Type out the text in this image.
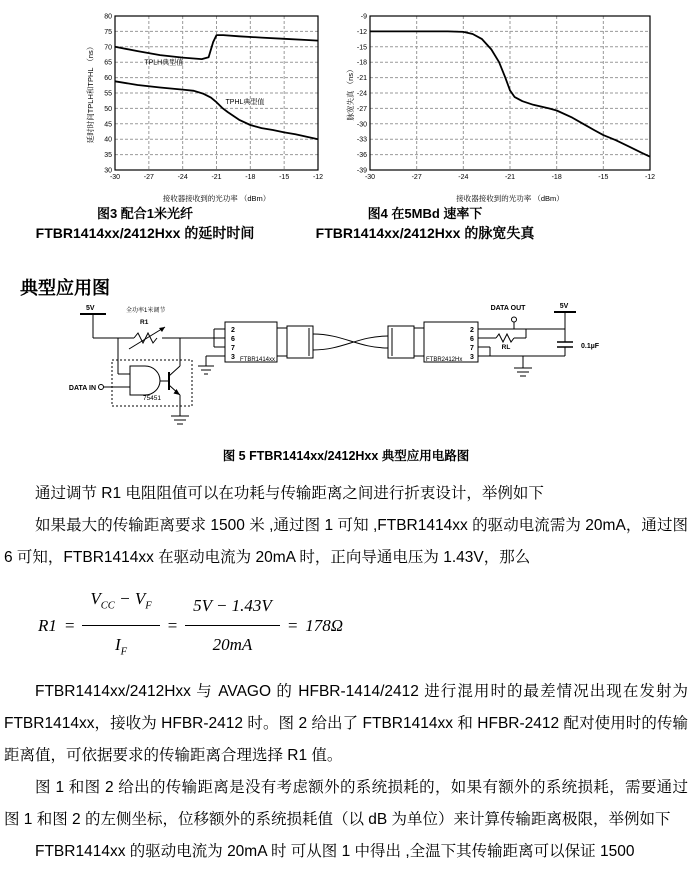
30
35
40
45
50
55
60
65
70
75
80
-30	-27	-24	-21	-18	-15	-12
TPLH典型值
TPHL典型值
接收器接收到的光功率 （dBm）
延时时间TPLH和TPHL （ns）
图3 配合1米光纤
FTBR1414xx/2412Hxx 的延时时间
-39
-36
-33
-30
-27
-24
-21
-18
-15
-12
-9
-30	-27	-24	-21	-18	-15	-12
接收器接收到的光功率 （dBm）
脉宽失真 （ns）
图4 在5MBd 速率下
FTBR1414xx/2412Hxx 的脉宽失真
典型应用图
5V	全功率1米调节
R1
DATA IN
75451
2
6
7
3 FTBR1414xx
2
6
7
3
FTBR2412Hx
DATA OUT
RL
5V
0.1µF
图 5 FTBR1414xx/2412Hxx 典型应用电路图

通过调节 R1 电阻阻值可以在功耗与传输距离之间进行折衷设计，举例如下

如果最大的传输距离要求 1500 米 ,通过图 1 可知 ,FTBR1414xx 的驱动电流需为 20mA，通过图 6 可知，FTBR1414xx 在驱动电流为 20mA 时，正向导通电压为 1.43V，那么

$R1 = \frac{V_{CC} - V_F}{I_F} = \frac{5V - 1.43V}{20mA} = 178\Omega$

FTBR1414xx/2412Hxx 与 AVAGO 的 HFBR-1414/2412 进行混用时的最差情况出现在发射为 FTBR1414xx，接收为 HFBR-2412 时。图 2 给出了 FTBR1414xx 和 HFBR-2412 配对使用时的传输距离值，可依据要求的传输距离合理选择 R1 值。

图 1 和图 2 给出的传输距离是没有考虑额外的系统损耗的，如果有额外的系统损耗，需要通过图 1 和图 2 的左侧坐标，位移额外的系统损耗值（以 dB 为单位）来计算传输距离极限，举例如下

FTBR1414xx 的驱动电流为 20mA 时 可从图 1 中得出 ,全温下其传输距离可以保证 1500
